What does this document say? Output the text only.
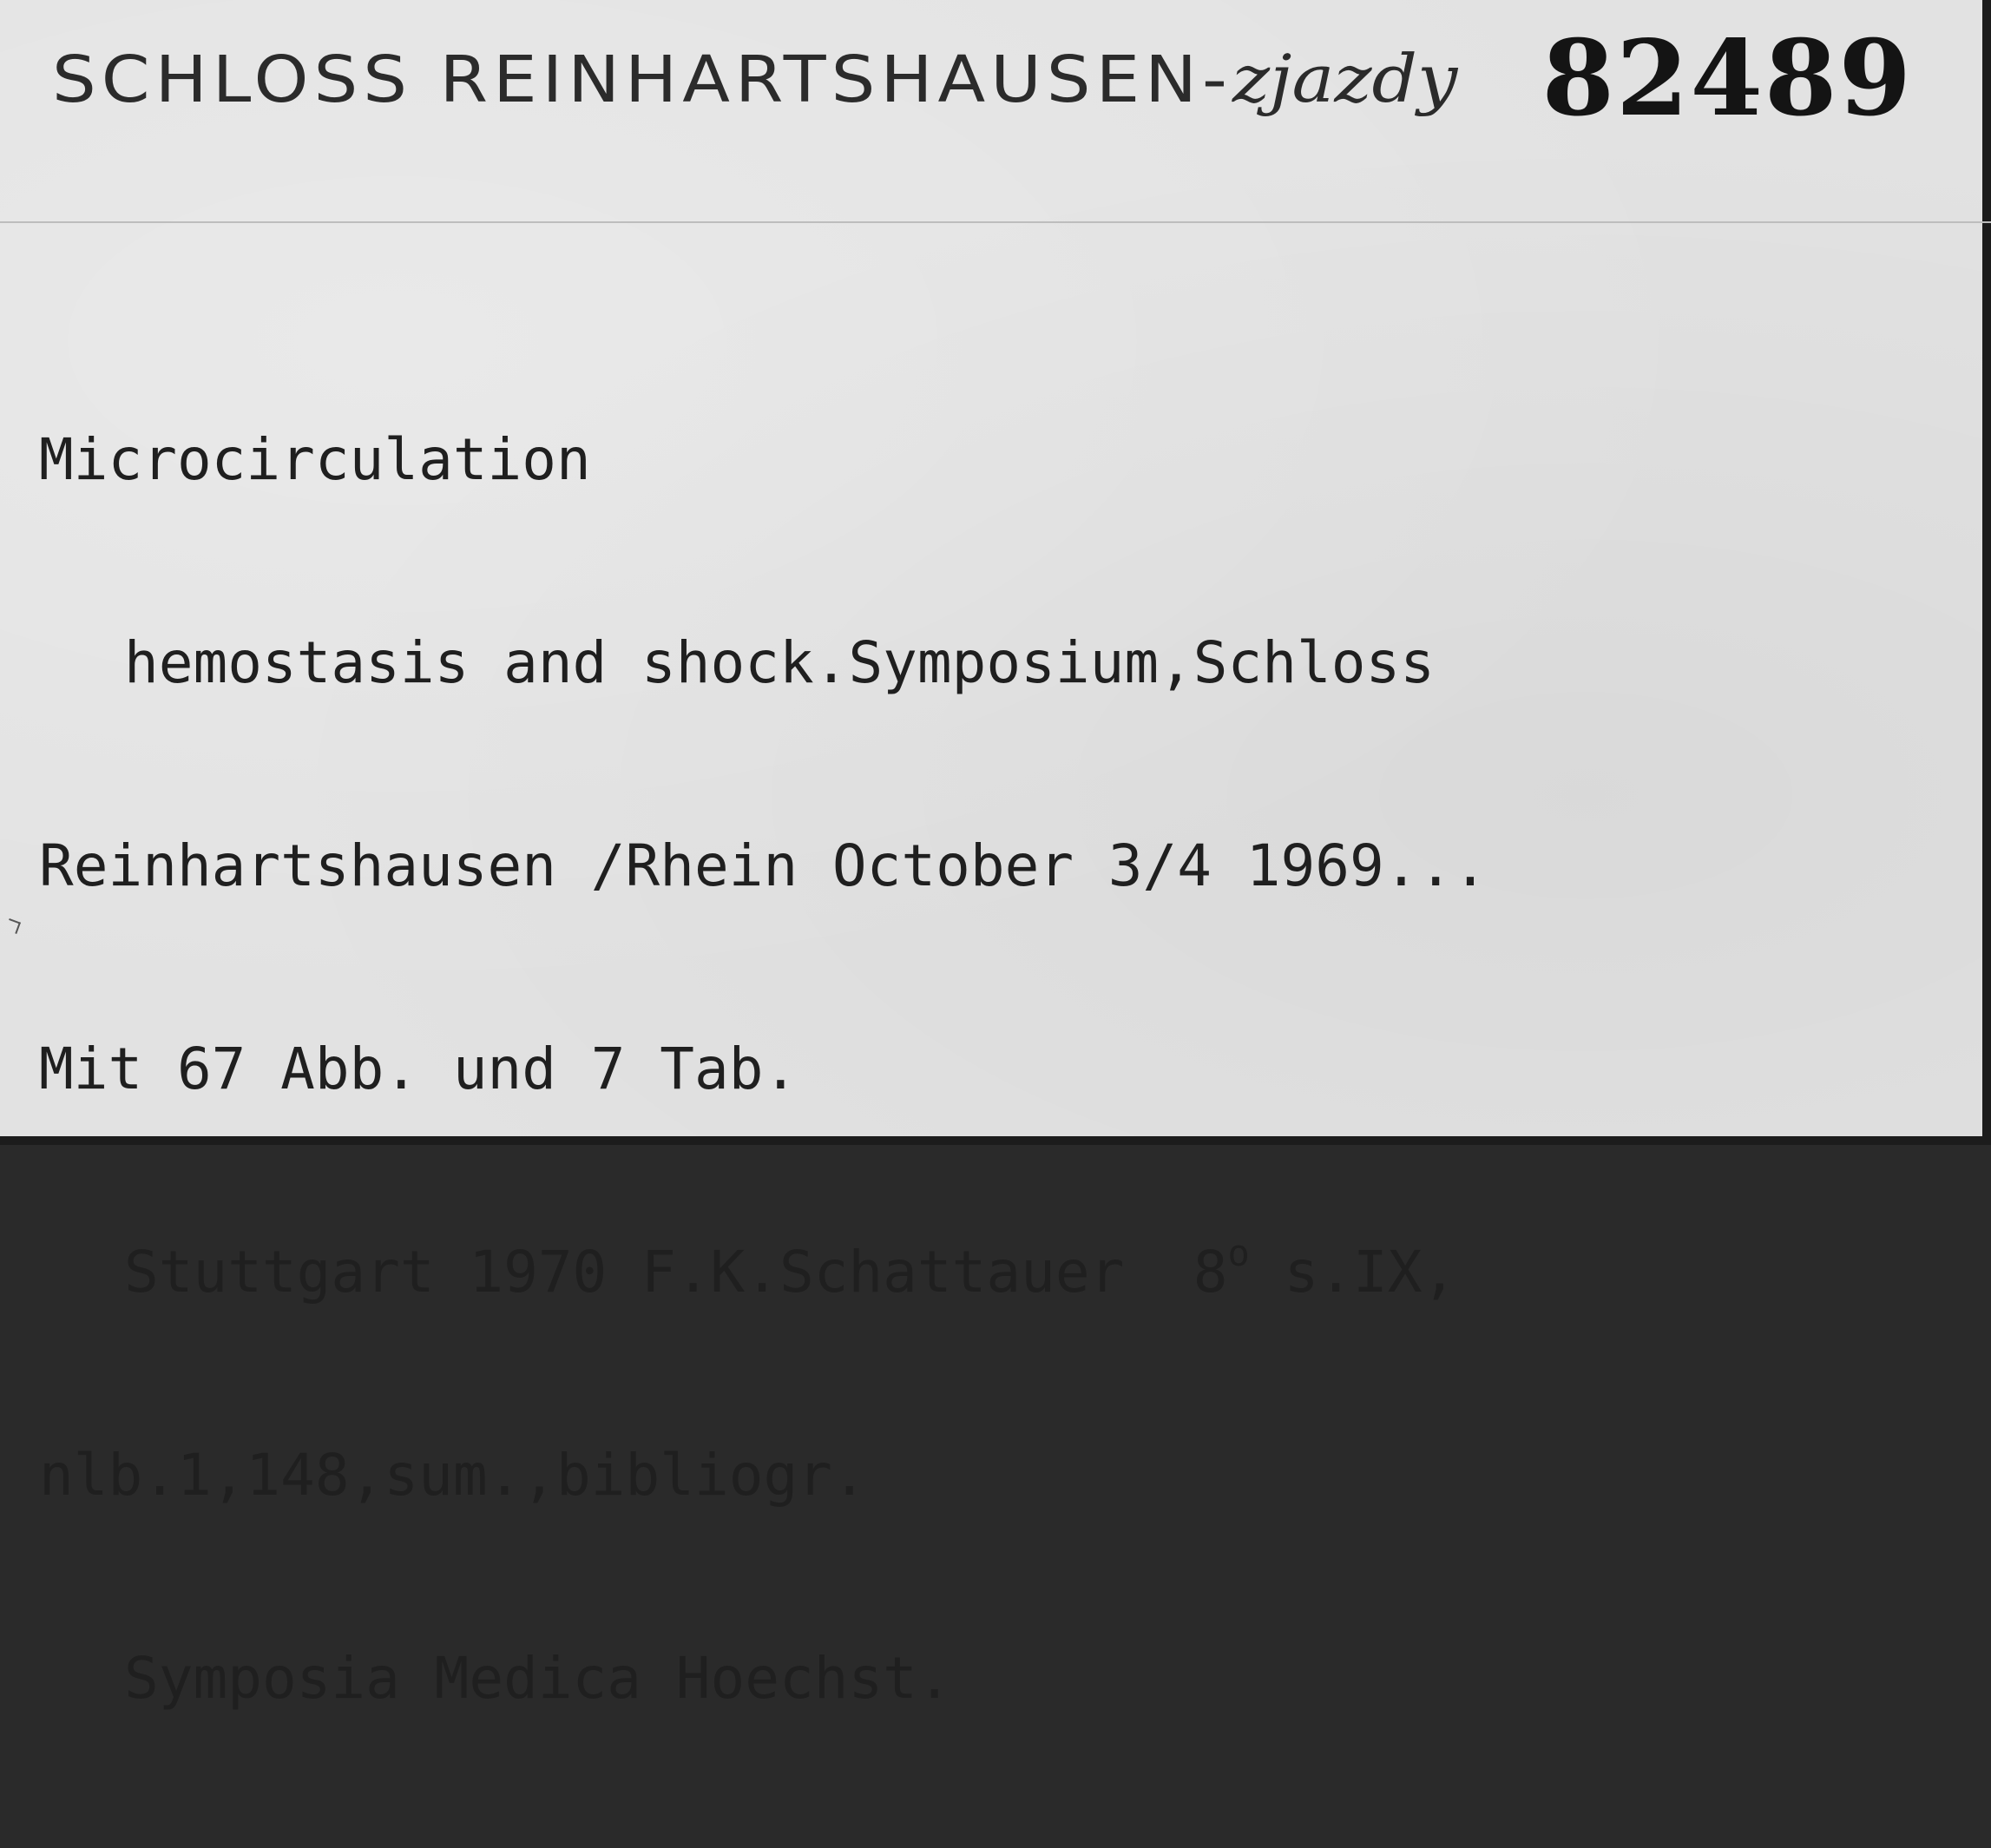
SCHLOSS REINHARTSHAUSEN-zjazdy 82489

Microcirculation

hemostasis and shock.Symposium,Schloss

Reinhartshausen /Rhein October 3/4 1969...

Mit 67 Abb. und 7 Tab.

Stuttgart 1970 F.K.Schattauer  8$^o$ s.IX,

nlb.1,148,sum.,bibliogr.

Symposia Medica Hoechst.
